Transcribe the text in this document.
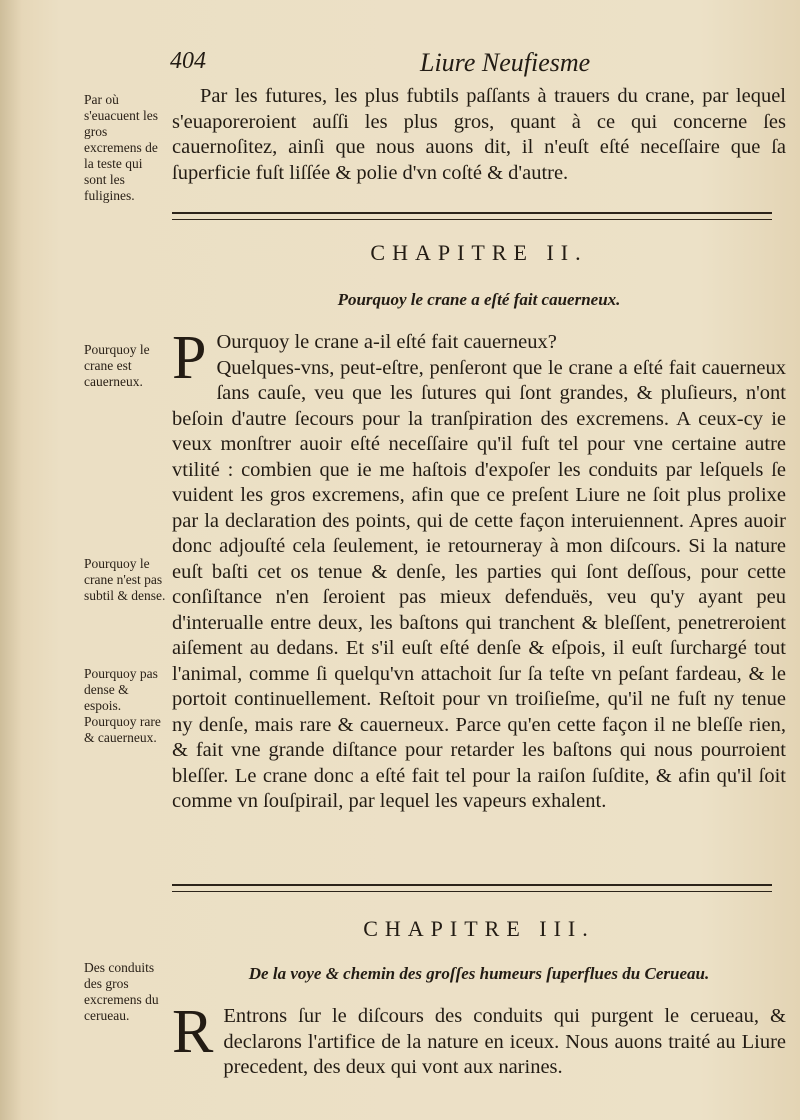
404	Liure Neufiesme
Par où s'euacuent les gros excremens de la teste qui sont les fuligines.
Pourquoy le crane est cauerneux.
Pourquoy le crane n'est pas subtil & dense.
Pourquoy pas dense & espois. Pourquoy rare & cauerneux.
Des conduits des gros excremens du cerueau.

Par les futures, les plus fubtils paſſants à trauers du crane, par lequel s'euaporeroient auſſi les plus gros, quant à ce qui concerne ſes cauernoſitez, ainſi que nous auons dit, il n'euſt eſté neceſſaire que ſa ſuperficie fuſt liſſée & polie d'vn coſté & d'autre.

CHAPITRE II.
Pourquoy le crane a eſté fait cauerneux.
P Ourquoy le crane a-il eſté fait cauerneux?

Quelques-vns, peut-eſtre, penſeront que le crane a eſté fait cauerneux ſans cauſe, veu que les ſutures qui ſont grandes, & pluſieurs, n'ont beſoin d'autre ſecours pour la tranſpiration des excremens. A ceux-cy ie veux monſtrer auoir eſté neceſſaire qu'il fuſt tel pour vne certaine autre vtilité : combien que ie me haſtois d'expoſer les conduits par leſquels ſe vuident les gros excremens, afin que ce preſent Liure ne ſoit plus prolixe par la declaration des points, qui de cette façon interuiennent. Apres auoir donc adjouſté cela ſeulement, ie retourneray à mon diſcours. Si la nature euſt baſti cet os tenue & denſe, les parties qui ſont deſſous, pour cette conſiſtance n'en ſeroient pas mieux defenduës, veu qu'y ayant peu d'interualle entre deux, les baſtons qui tranchent & bleſſent, penetreroient aiſement au dedans. Et s'il euſt eſté denſe & eſpois, il euſt ſurchargé tout l'animal, comme ſi quelqu'vn attachoit ſur ſa teſte vn peſant fardeau, & le portoit continuellement. Reſtoit pour vn troiſieſme, qu'il ne fuſt ny tenue ny denſe, mais rare & cauerneux. Parce qu'en cette façon il ne bleſſe rien, & fait vne grande diſtance pour retarder les baſtons qui nous pourroient bleſſer. Le crane donc a eſté fait tel pour la raiſon ſuſdite, & afin qu'il ſoit comme vn ſouſpirail, par lequel les vapeurs exhalent.

CHAPITRE III.
De la voye & chemin des groſſes humeurs ſuperflues du Cerueau.
R Entrons ſur le diſcours des conduits qui purgent le cerueau, & declarons l'artifice de la nature en iceux. Nous auons traité au Liure precedent, des deux qui vont aux narines.
